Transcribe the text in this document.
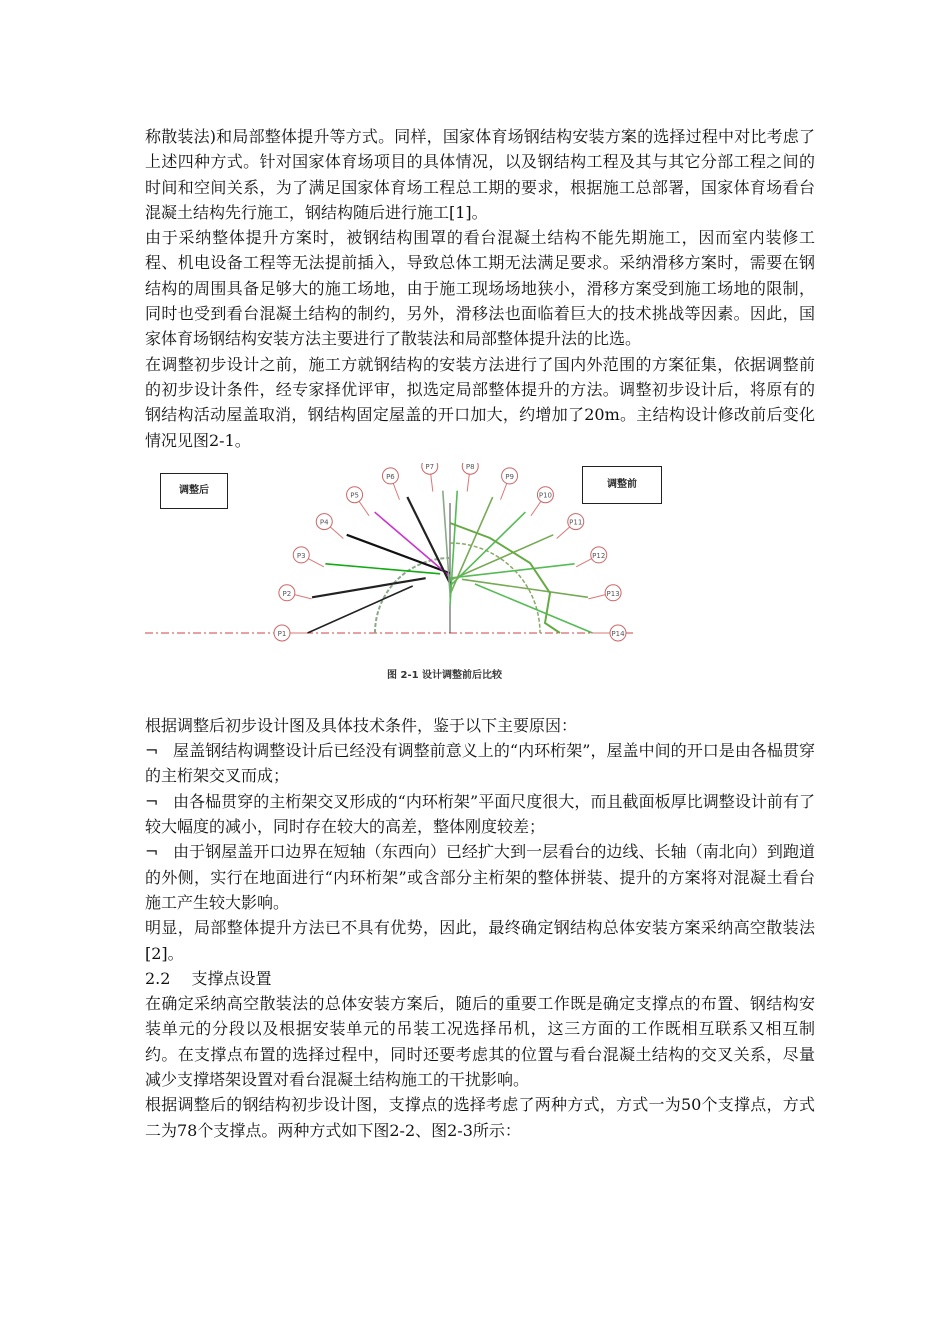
称散装法)和局部整体提升等方式。同样，国家体育场钢结构安装方案的选择过程中对比考虑了上述四种方式。针对国家体育场项目的具体情况，以及钢结构工程及其与其它分部工程之间的时间和空间关系，为了满足国家体育场工程总工期的要求，根据施工总部署，国家体育场看台混凝土结构先行施工，钢结构随后进行施工[1]。

由于采纳整体提升方案时，被钢结构围罩的看台混凝土结构不能先期施工，因而室内装修工程、机电设备工程等无法提前插入，导致总体工期无法满足要求。采纳滑移方案时，需要在钢结构的周围具备足够大的施工场地，由于施工现场场地狭小，滑移方案受到施工场地的限制，同时也受到看台混凝土结构的制约，另外，滑移法也面临着巨大的技术挑战等因素。因此，国家体育场钢结构安装方法主要进行了散装法和局部整体提升法的比选。

在调整初步设计之前，施工方就钢结构的安装方法进行了国内外范围的方案征集，依据调整前的初步设计条件，经专家择优评审，拟选定局部整体提升的方法。调整初步设计后，将原有的钢结构活动屋盖取消，钢结构固定屋盖的开口加大，约增加了20m。主结构设计修改前后变化情况见图2-1。

P1
P2
P3
P4
P5
P6
P7	P8
P9
P10
P11
P12
P13
P14
调整后
调整前
图 2-1 设计调整前后比较

根据调整后初步设计图及具体技术条件，鉴于以下主要原因：

¬ 屋盖钢结构调整设计后已经没有调整前意义上的“内环桁架”，屋盖中间的开口是由各榀贯穿的主桁架交叉而成；

¬ 由各榀贯穿的主桁架交叉形成的“内环桁架”平面尺度很大，而且截面板厚比调整设计前有了较大幅度的减小，同时存在较大的高差，整体刚度较差；

¬ 由于钢屋盖开口边界在短轴（东西向）已经扩大到一层看台的边线、长轴（南北向）到跑道的外侧，实行在地面进行“内环桁架”或含部分主桁架的整体拼装、提升的方案将对混凝土看台施工产生较大影响。

明显，局部整体提升方法已不具有优势，因此，最终确定钢结构总体安装方案采纳高空散装法[2]。

2.2　 支撑点设置

在确定采纳高空散装法的总体安装方案后，随后的重要工作既是确定支撑点的布置、钢结构安装单元的分段以及根据安装单元的吊装工况选择吊机，这三方面的工作既相互联系又相互制约。在支撑点布置的选择过程中，同时还要考虑其的位置与看台混凝土结构的交叉关系，尽量减少支撑塔架设置对看台混凝土结构施工的干扰影响。

根据调整后的钢结构初步设计图，支撑点的选择考虑了两种方式，方式一为50个支撑点，方式二为78个支撑点。两种方式如下图2-2、图2-3所示：
